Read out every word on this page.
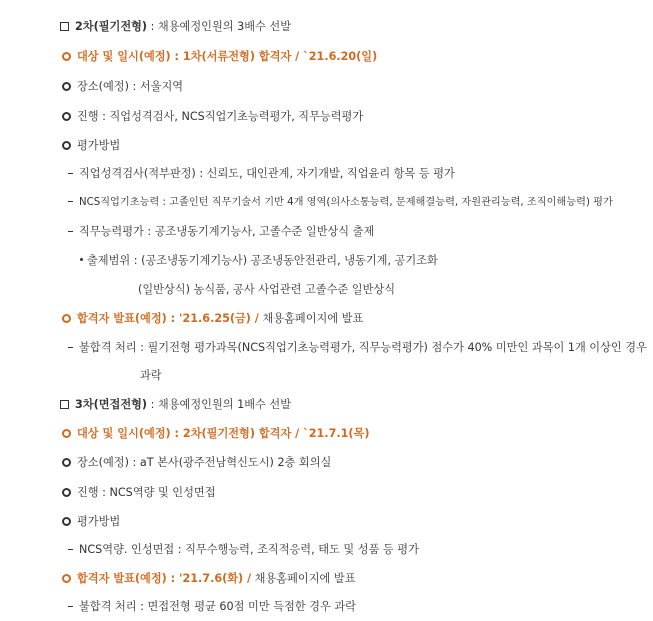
2차(필기전형) : 채용예정인원의 3배수 선발
대상 및 일시(예정) : 1차(서류전형) 합격자 / `21.6.20(일)
장소(예정) : 서울지역
진행 : 직업성격검사, NCS직업기초능력평가, 직무능력평가
평가방법
직업성격검사(적부판정) : 신뢰도, 대인관계, 자기개발, 직업윤리 항목 등 평가
NCS직업기초능력 : 고졸인턴 직무기술서 기반 4개 영역(의사소통능력, 문제해결능력, 자원관리능력, 조직이해능력) 평가
직무능력평가 : 공조냉동기계기능사, 고졸수준 일반상식 출제
출제범위 : (공조냉동기계기능사) 공조냉동안전관리, 냉동기계, 공기조화
(일반상식) 농식품, 공사 사업관련 고졸수준 일반상식
합격자 발표(예정) : '21.6.25(금) / 채용홈페이지에 발표
불합격 처리 : 필기전형 평가과목(NCS직업기초능력평가, 직무능력평가) 점수가 40% 미만인 과목이 1개 이상인 경우
과락
3차(면접전형) : 채용예정인원의 1배수 선발
대상 및 일시(예정) : 2차(필기전형) 합격자 / `21.7.1(목)
장소(예정) : aT 본사(광주전남혁신도시) 2층 회의실
진행 : NCS역량 및 인성면접
평가방법
NCS역량. 인성면접 : 직무수행능력, 조직적응력, 태도 및 성품 등 평가
합격자 발표(예정) : '21.7.6(화) / 채용홈페이지에 발표
불합격 처리 : 면접전형 평균 60점 미만 득점한 경우 과락
